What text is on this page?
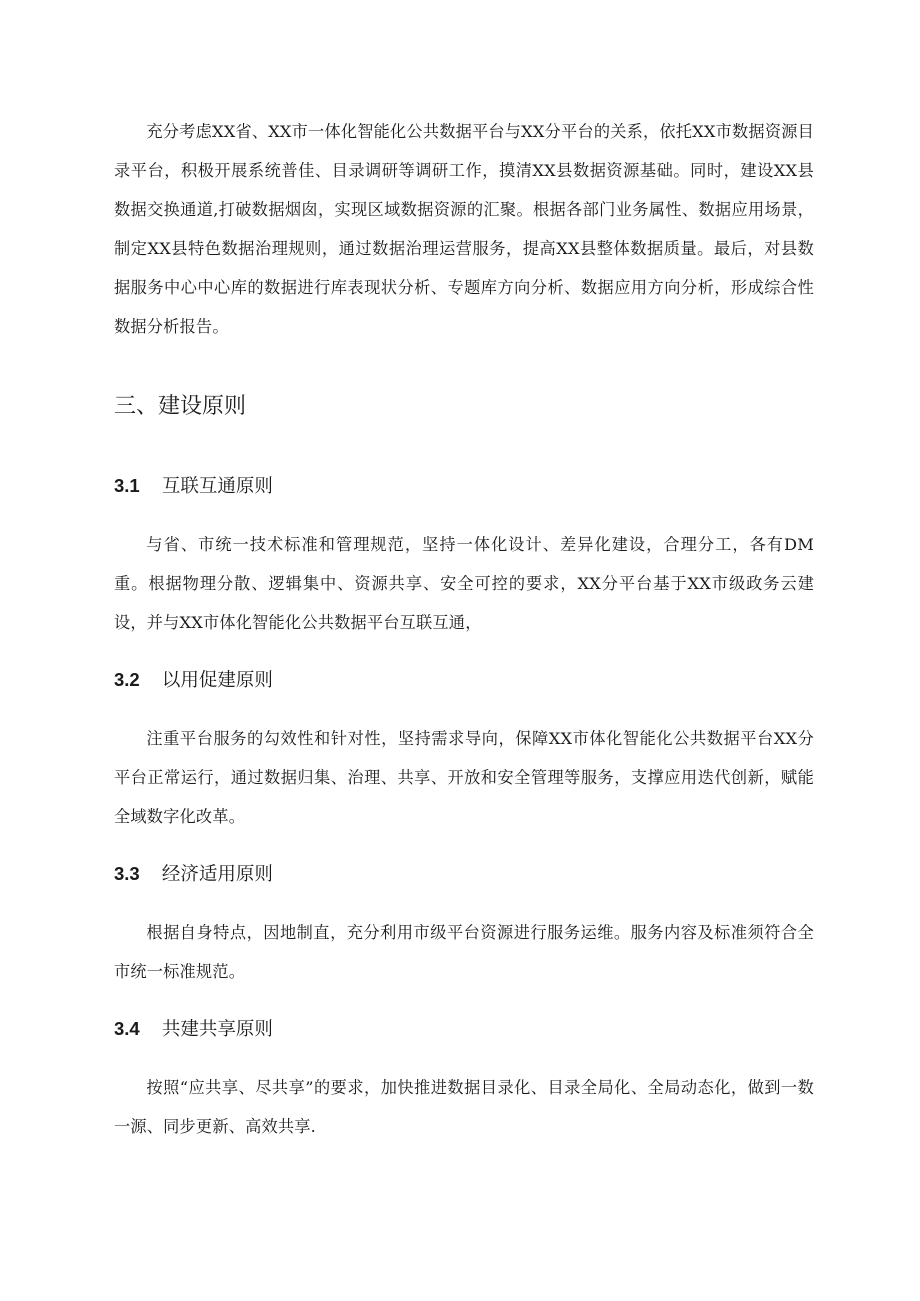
充分考虑XX省、XX市一体化智能化公共数据平台与XX分平台的关系，依托XX市数据资源目录平台，积极开展系统普佳、目录调研等调研工作，摸清XX县数据资源基础。同时，建设XX县数据交换通道,打破数据烟囱，实现区域数据资源的汇聚。根据各部门业务属性、数据应用场景，制定XX县特色数据治理规则，通过数据治理运营服务，提高XX县整体数据质量。最后，对县数据服务中心中心库的数据进行库表现状分析、专题库方向分析、数据应用方向分析，形成综合性数据分析报告。

三、建设原则
3.1 互联互通原则

与省、市统一技术标准和管理规范，坚持一体化设计、差异化建设，合理分工，各有DM重。根据物理分散、逻辑集中、资源共享、安全可控的要求，XX分平台基于XX市级政务云建设，并与XX市体化智能化公共数据平台互联互通，

3.2 以用促建原则

注重平台服务的勾效性和针对性，坚持需求导向，保障XX市体化智能化公共数据平台XX分平台正常运行，通过数据归集、治理、共享、开放和安全管理等服务，支撑应用迭代创新，赋能全域数字化改革。

3.3 经济适用原则

根据自身特点，因地制直，充分利用市级平台资源进行服务运维。服务内容及标准须符合全市统一标准规范。

3.4 共建共享原则

按照“应共享、尽共享”的要求，加快推进数据目录化、目录全局化、全局动态化，做到一数一源、同步更新、高效共享.
